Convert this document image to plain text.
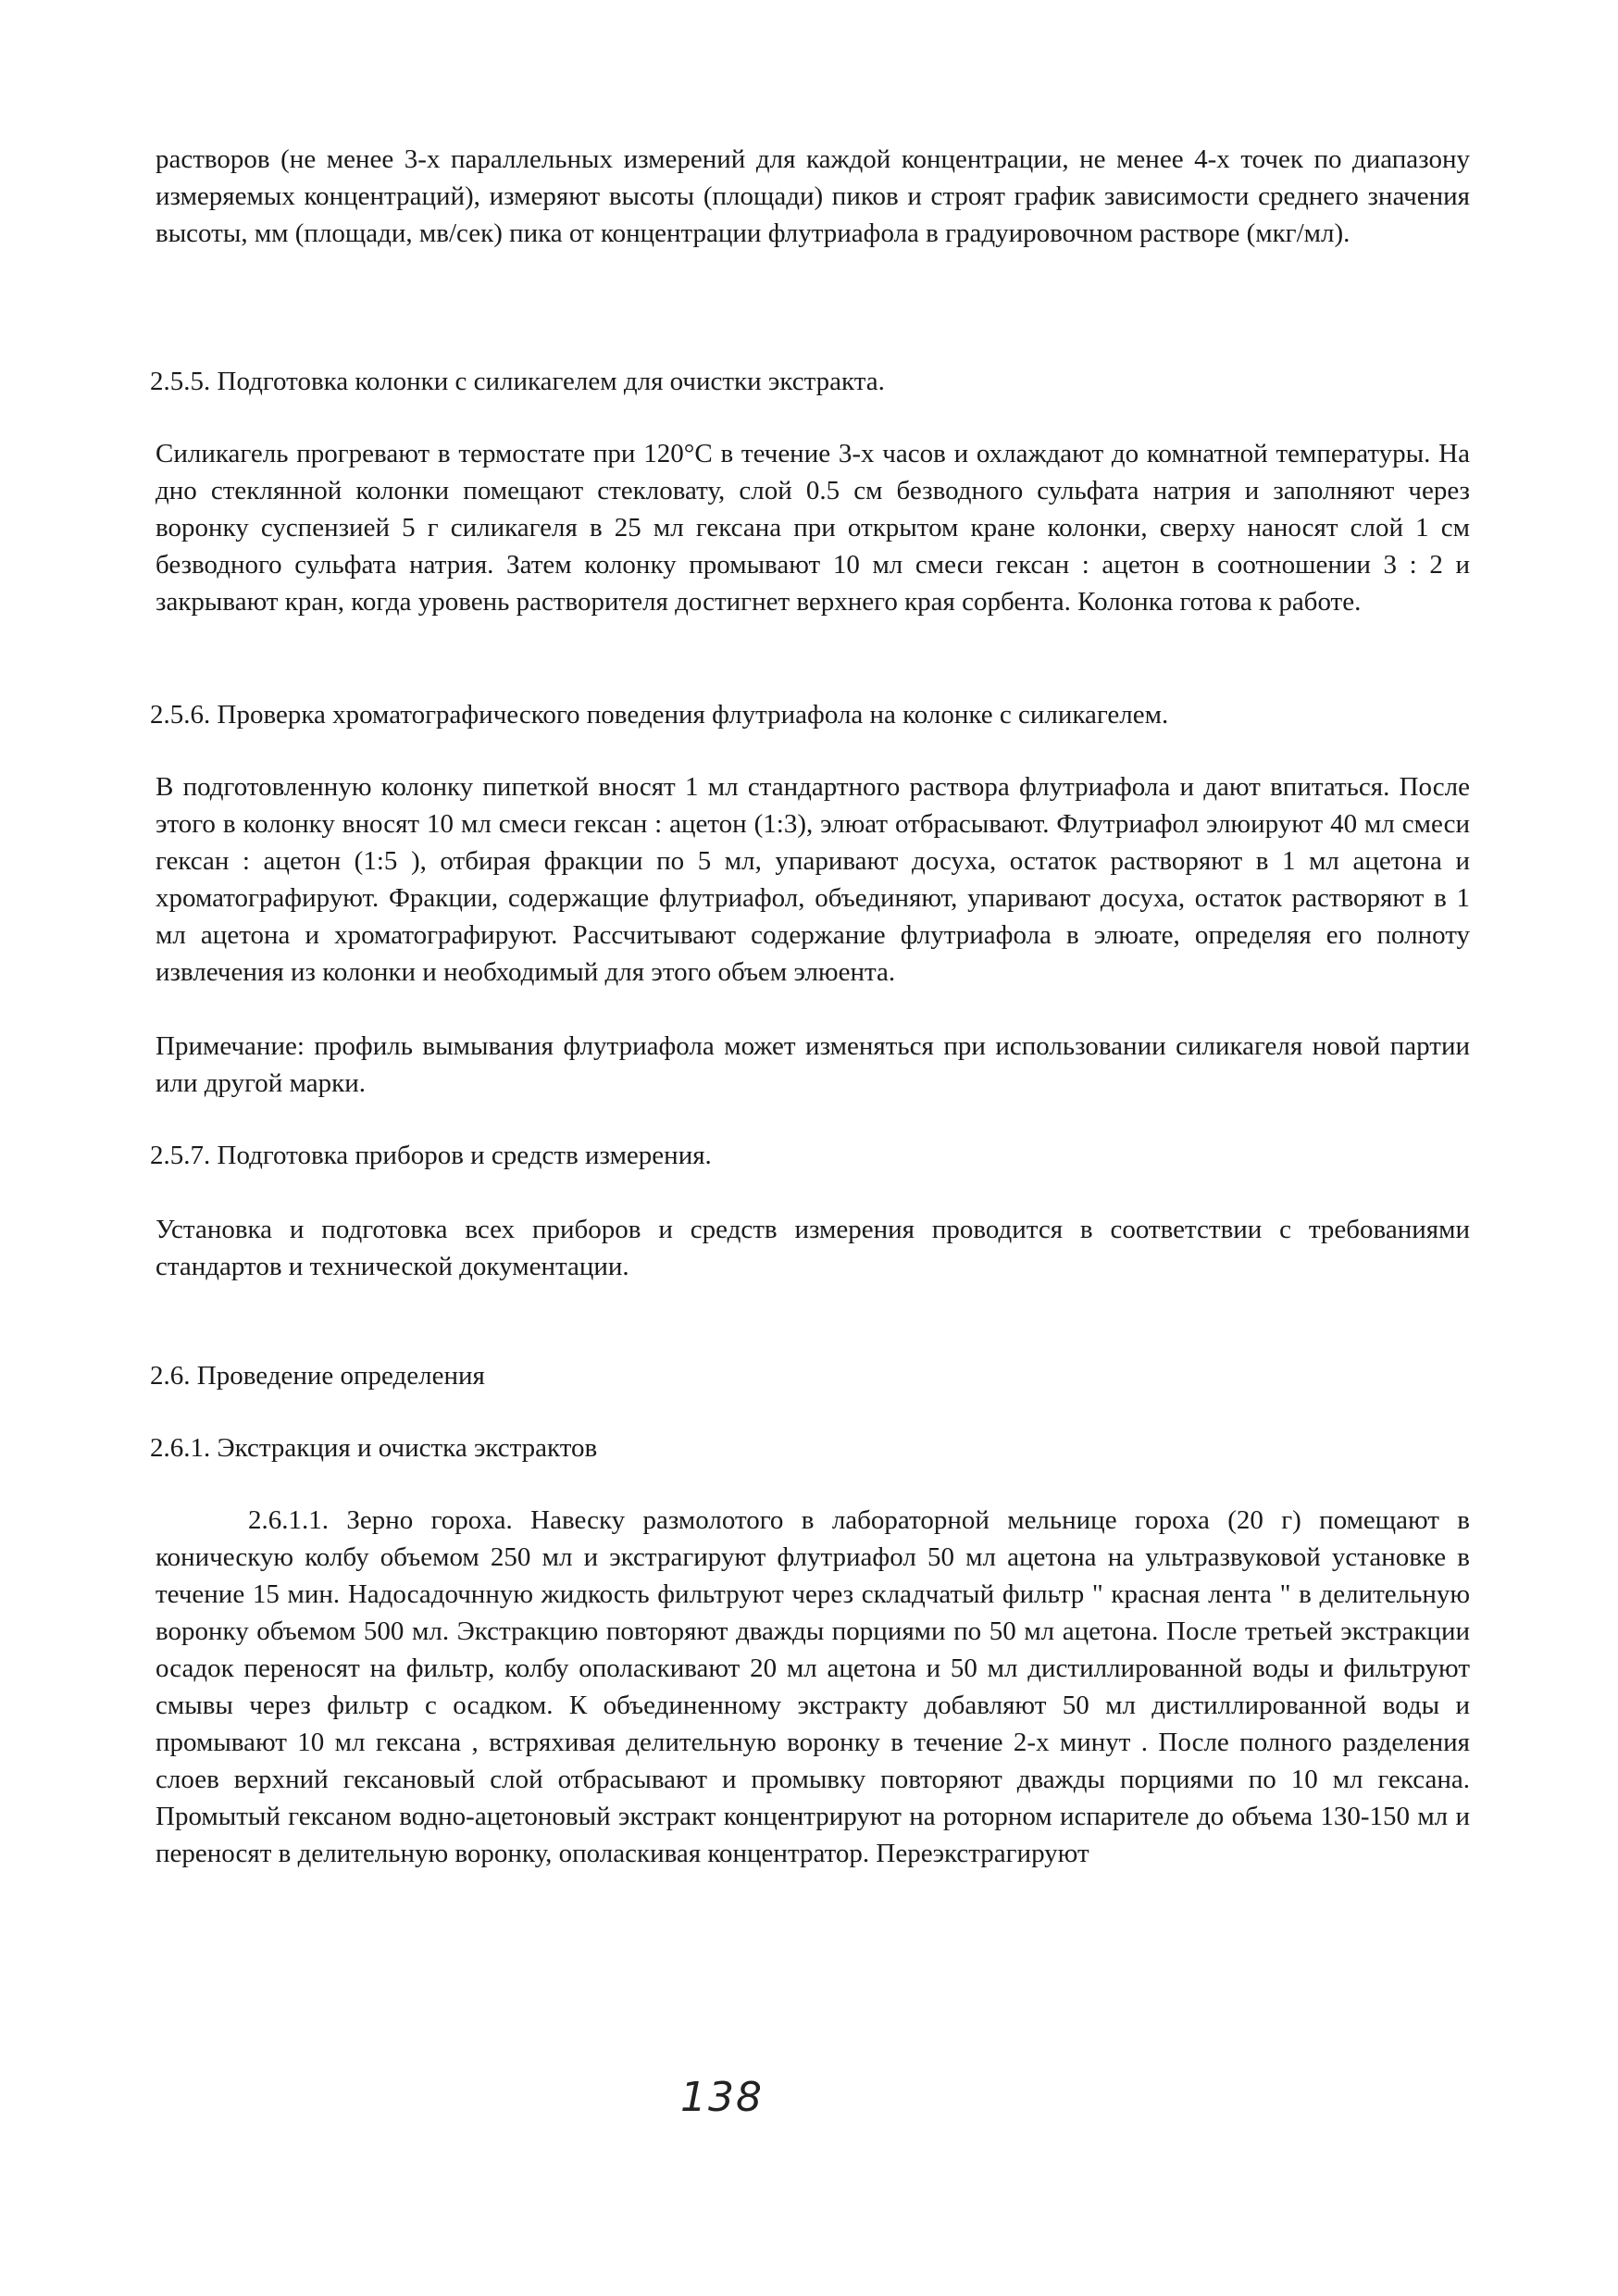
растворов (не менее 3-х параллельных измерений для каждой концентрации, не менее 4-х точек по диапазону измеряемых концентраций), измеряют высоты (площади) пиков и строят график зависимости среднего значения высоты, мм (площади, мв/сек) пика от концентрации флутриафола в градуировочном растворе (мкг/мл).

2.5.5. Подготовка колонки с силикагелем для очистки экстракта.

Силикагель прогревают в термостате при 120°С в течение 3-х часов и охлаждают до комнатной температуры. На дно стеклянной колонки помещают стекловату, слой 0.5 см безводного сульфата натрия и заполняют через воронку суспензией 5 г силикагеля в 25 мл гексана при открытом кране колонки, сверху наносят слой 1 см безводного сульфата натрия. Затем колонку промывают 10 мл смеси гексан : ацетон в соотношении 3 : 2 и закрывают кран, когда уровень растворителя достигнет верхнего края сорбента. Колонка готова к работе.

2.5.6. Проверка хроматографического поведения флутриафола на колонке с силикагелем.

В подготовленную колонку пипеткой вносят 1 мл стандартного раствора флутриафола и дают впитаться. После этого в колонку вносят 10 мл смеси гексан : ацетон (1:3), элюат отбрасывают. Флутриафол элюируют 40 мл смеси гексан : ацетон (1:5 ), отбирая фракции по 5 мл, упаривают досуха, остаток растворяют в 1 мл ацетона и хроматографируют. Фракции, содержащие флутриафол, объединяют, упаривают досуха, остаток растворяют в 1 мл ацетона и хроматографируют. Рассчитывают содержание флутриафола в элюате, определяя его полноту извлечения из колонки и необходимый для этого объем элюента.

Примечание: профиль вымывания флутриафола может изменяться при использовании силикагеля новой партии или другой марки.

2.5.7. Подготовка приборов и средств измерения.

Установка и подготовка всех приборов и средств измерения проводится в соответствии с требованиями стандартов и технической документации.

2.6. Проведение определения

2.6.1. Экстракция и очистка экстрактов

2.6.1.1. Зерно гороха. Навеску размолотого в лабораторной мельнице гороха (20 г) помещают в коническую колбу объемом 250 мл и экстрагируют флутриафол 50 мл ацетона на ультразвуковой установке в течение 15 мин. Надосадочнную жидкость фильтруют через складчатый фильтр " красная лента " в делительную воронку объемом 500 мл. Экстракцию повторяют дважды порциями по 50 мл ацетона. После третьей экстракции осадок переносят на фильтр, колбу ополаскивают 20 мл ацетона и 50 мл дистиллированной воды и фильтруют смывы через фильтр с осадком. К объединенному экстракту добавляют 50 мл дистиллированной воды и промывают 10 мл гексана , встряхивая делительную воронку в течение 2-х минут . После полного разделения слоев верхний гексановый слой отбрасывают и промывку повторяют дважды порциями по 10 мл гексана. Промытый гексаном водно-ацетоновый экстракт концентрируют на роторном испарителе до объема 130-150 мл и переносят в делительную воронку, ополаскивая концентратор. Переэкстрагируют

138
